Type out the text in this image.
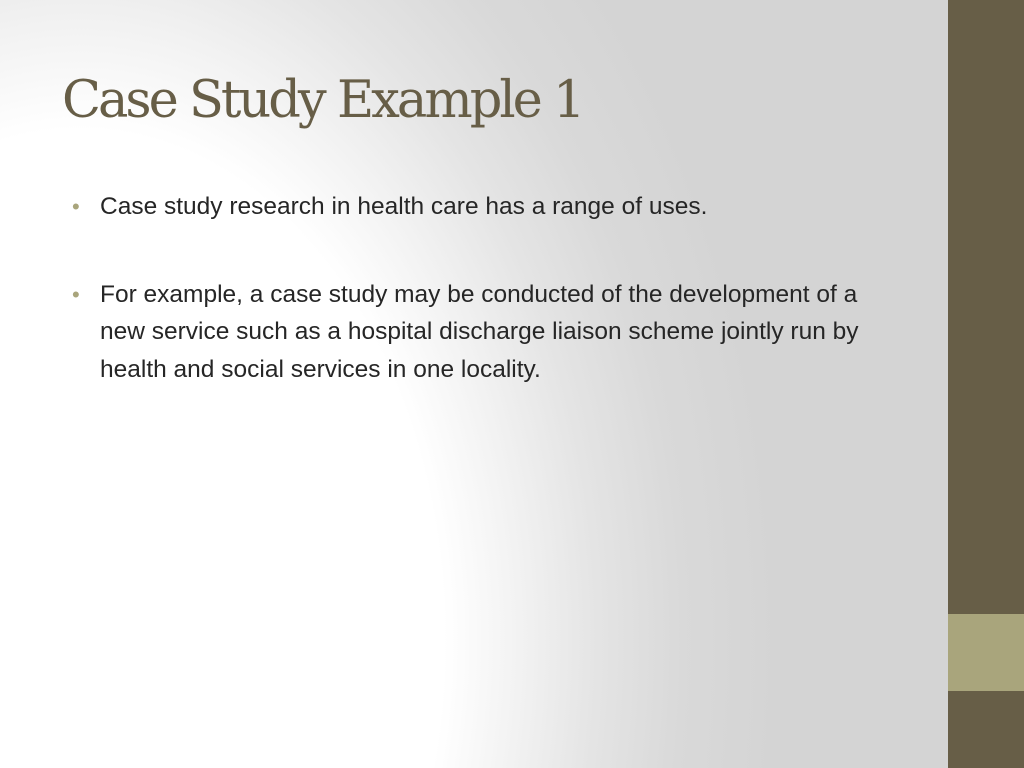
Case Study Example 1
• Case study research in health care has a range of uses.
• For example, a case study may be conducted of the development of a new service such as a hospital discharge liaison scheme jointly run by health and social services in one locality.
